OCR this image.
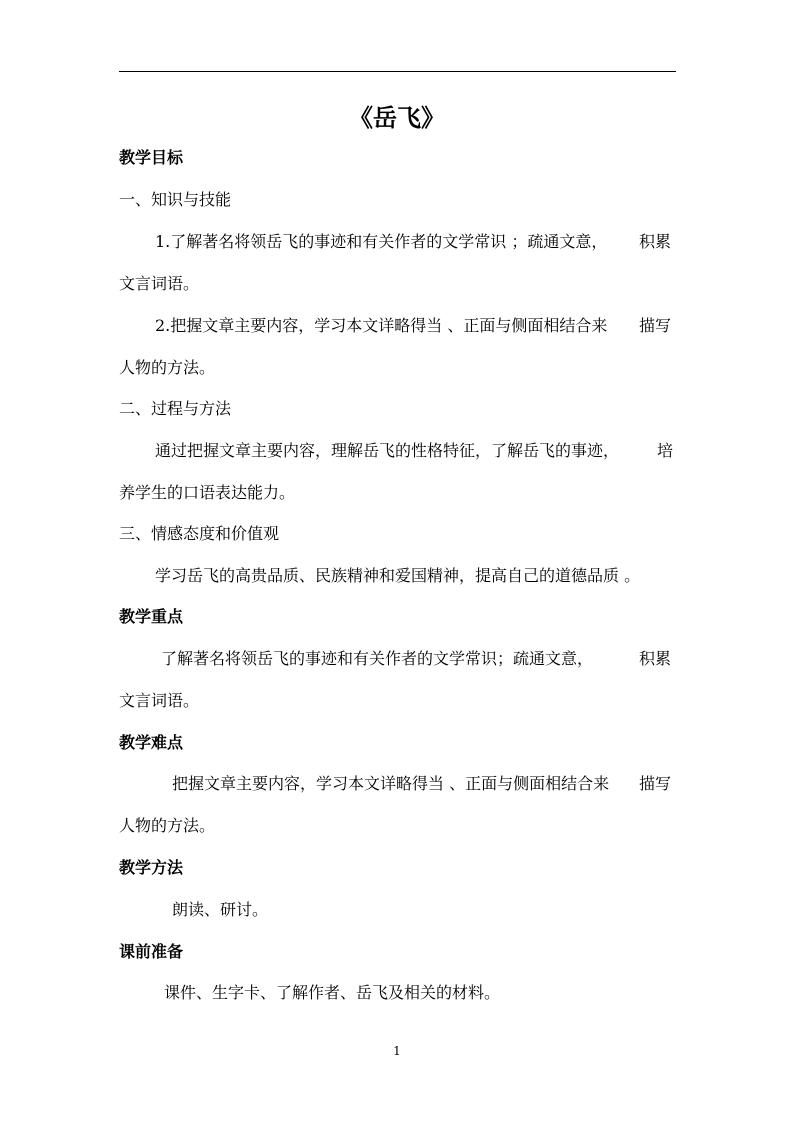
《岳飞》
教学目标
一、知识与技能
1.了解著名将领岳飞的事迹和有关作者的文学常识 ；疏通文意， 积累
文言词语。
2.把握文章主要内容，学习本文详略得当 、正面与侧面相结合来 描写
人物的方法。
二、过程与方法
通过把握文章主要内容，理解岳飞的性格特征，了解岳飞的事迹， 培
养学生的口语表达能力。
三、情感态度和价值观
学习岳飞的高贵品质、民族精神和爱国精神，提高自己的道德品质 。
教学重点
了解著名将领岳飞的事迹和有关作者的文学常识；疏通文意，	积累
文言词语。
教学难点
把握文章主要内容，学习本文详略得当 、正面与侧面相结合来 描写
人物的方法。
教学方法
朗读、研讨。
课前准备
课件、生字卡、了解作者、岳飞及相关的材料。
1
